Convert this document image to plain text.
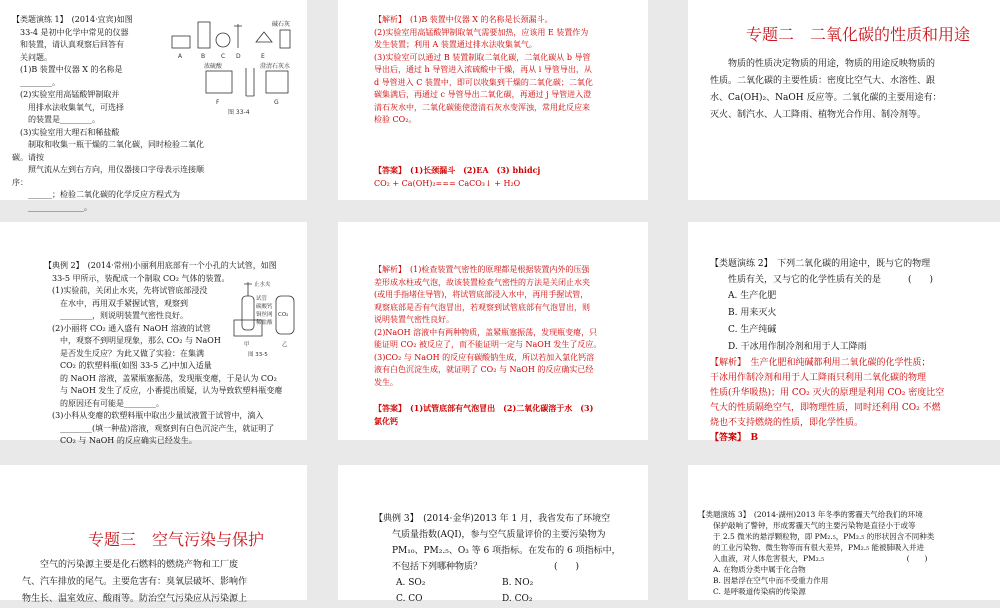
【类题演练 1】　(2014·宜宾)如图
　33-4 是初中化学中常见的仪器
　和装置，请认真观察后回答有
　关问题。
　(1)B 装置中仪器 X 的名称是
　________。
　(2)实验室用高锰酸钾制取并
　　用排水法收集氧气，可选择
　　的装置是________。
　(3)实验室用大理石和稀盐酸
　　制取和收集一瓶干燥的二氧化碳，同时检验二氧化碳。请按
　　照气流从左到右方向，用仪器接口字母表示连接顺序：
　　______；检验二氧化碳的化学反应方程式为
　　______________。
A	B	C D	E
F	G
浓硫酸	澄清石灰水
碱石灰
图 33-4
【解析】　(1)B 装置中仪器 X 的名称是长颈漏斗。
(2)实验室用高锰酸钾制取氧气需要加热，应该用 E 装置作为
发生装置；利用 A 装置通过排水法收集氧气。
(3)实验室可以通过 B 装置制取二氧化碳，二氧化碳从 b 导管
导出后，通过 h 导管进入浓硫酸中干燥，再从 i 导管导出，从
d 导管进入 C 装置中，即可以收集到干燥的二氧化碳；二氧化
碳集满后，再通过 c 导管导出二氧化碳，再通过 j 导管进入澄
清石灰水中，二氧化碳能使澄清石灰水变浑浊，常用此反应来
检验 CO₂。
【答案】　(1)长颈漏斗　(2)EA　(3) bhidcj
CO₂ + Ca(OH)₂=== CaCO₃↓ + H₂O
专题二　二氧化碳的性质和用途
　　物质的性质决定物质的用途，物质的用途反映物质的
性质。二氧化碳的主要性质：密度比空气大、水溶性、跟
水、Ca(OH)₂、NaOH 反应等。二氧化碳的主要用途有：
灭火、制汽水、人工降雨、植物光合作用、制冷剂等。
【典例 2】　(2014·常州)小丽利用底部有一个小孔的大试管，如图
　33-5 甲所示，装配成一个制取 CO₂ 气体的装置。
　(1)实验前，关闭止水夹，先将试管底部浸没
　　在水中，再用双手紧握试管，观察到
　　________，则说明装置气密性良好。
　(2)小丽将 CO₂ 通入盛有 NaOH 溶液的试管
　　中，观察不到明显现象，那么 CO₂ 与 NaOH
　　是否发生反应？为此又做了实验：在集满
　　CO₂ 的软塑料瓶(如图 33-5 乙)中加入适量
　　的 NaOH 溶液，盖紧瓶塞振荡，发现瓶变瘪，于是认为 CO₂
　　与 NaOH 发生了反应，小番提出质疑，认为导致软塑料瓶变瘪
　　的原因还有可能是________。
　(3)小科从变瘪的软塑料瓶中取出少量试液置于试管中，滴入
　　________(填一种盐)溶液，观察到有白色沉淀产生，就证明了
　　CO₂ 与 NaOH 的反应确实已经发生。
止水夹
试管
碳酸钙
铜丝网
稀盐酸
甲	乙
CO₂
图 33-5
【解析】　(1)检查装置气密性的原理都是根据装置内外的压强
差形成水柱或气泡，故该装置检查气密性的方法是关闭止水夹
(或用手指堵住导管)，将试管底部浸入水中，再用手握试管，
观察底部是否有气泡冒出，若观察到试管底部有气泡冒出，则
说明装置气密性良好。
(2)NaOH 溶液中有两种物质，盖紧瓶塞振荡，发现瓶变瘪，只
能证明 CO₂ 被反应了，而不能证明一定与 NaOH 发生了反应。
(3)CO₂ 与 NaOH 的反应有碳酸钠生成，所以若加入氯化钙溶
液有白色沉淀生成，就证明了 CO₂ 与 NaOH 的反应确实已经
发生。
【答案】　(1)试管底部有气泡冒出　(2)二氧化碳溶于水　(3)
氯化钙
【类题演练 2】　下列二氧化碳的用途中，既与它的物理
　　性质有关，又与它的化学性质有关的是　　　(　　)
A. 生产化肥
B. 用来灭火
C. 生产纯碱
D. 干冰用作制冷剂和用于人工降雨
【解析】　生产化肥和纯碱都利用二氧化碳的化学性质；
干冰用作制冷剂和用于人工降雨只利用二氧化碳的物理
性质(升华吸热)；用 CO₂ 灭火的原理是利用 CO₂ 密度比空
气大的性质隔绝空气，即物理性质，同时还利用 CO₂ 不燃
烧也不支持燃烧的性质，即化学性质。
【答案】　B
专题三　空气污染与保护
　　空气的污染源主要是化石燃料的燃烧产物和工厂废
气、汽车排放的尾气。主要危害有：臭氧层破坏、影响作
物生长、温室效应、酸雨等。防治空气污染应从污染源上
【典例 3】　(2014·金华)2013 年 1 月，我省发布了环境空
　　气质量指数(AQI)，参与空气质量评价的主要污染物为
　　PM₁₀、PM₂.₅、O₃ 等 6 项指标。在发布的 6 项指标中，
　　不包括下列哪种物质？　　　　　　　　(　　)
A. SO₂	B. NO₂
C. CO	D. CO₂
【类题演练 3】　(2014·湖州)2013 年冬季的雾霾天气给我们的环境
　　保护敲响了警钟，形成雾霾天气的主要污染物是直径小于或等
　　于 2.5 微米的悬浮颗粒物，即 PM₂.₅，PM₂.₅ 的形状因含不同种类
　　的工业污染物、微生物等而有很大差异，PM₂.₅ 能被肺吸入并进
　　入血液，对人体危害很大，PM₂.₅　　　　　　　　　　　(　　)
　　A. 在物质分类中属于化合物
　　B. 因悬浮在空气中而不受重力作用
　　C. 是呼吸道传染病的传染源
